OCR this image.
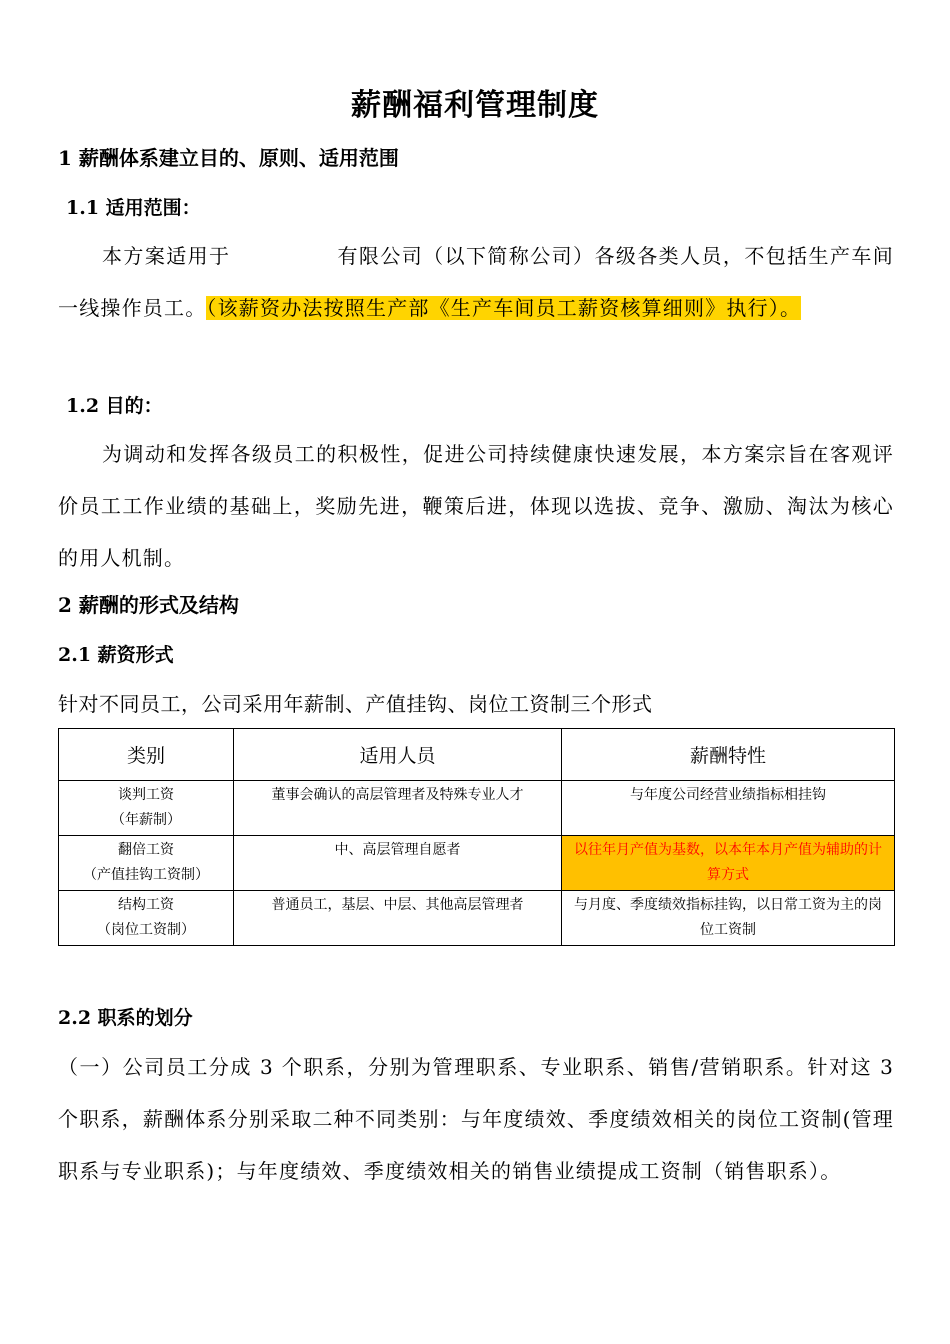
薪酬福利管理制度
1 薪酬体系建立目的、原则、适用范围
1.1 适用范围：
本方案适用于　　　　　有限公司（以下简称公司）各级各类人员，不包括生产车间一线操作员工。（该薪资办法按照生产部《生产车间员工薪资核算细则》执行）。
1.2 目的：
为调动和发挥各级员工的积极性，促进公司持续健康快速发展，本方案宗旨在客观评价员工工作业绩的基础上，奖励先进，鞭策后进，体现以选拔、竞争、激励、淘汰为核心的用人机制。
2 薪酬的形式及结构
2.1 薪资形式
针对不同员工，公司采用年薪制、产值挂钩、岗位工资制三个形式
类别	适用人员	薪酬特性

谈判工资
（年薪制）	董事会确认的高层管理者及特殊专业人才	与年度公司经营业绩指标相挂钩

翻倍工资
（产值挂钩工资制）	中、高层管理自愿者	以往年月产值为基数，以本年本月产值为辅助的计算方式

结构工资
（岗位工资制）	普通员工，基层、中层、其他高层管理者	与月度、季度绩效指标挂钩，以日常工资为主的岗位工资制
2.2 职系的划分
（一）公司员工分成 3 个职系，分别为管理职系、专业职系、销售/营销职系。针对这 3 个职系，薪酬体系分别采取二种不同类别：与年度绩效、季度绩效相关的岗位工资制(管理职系与专业职系)；与年度绩效、季度绩效相关的销售业绩提成工资制（销售职系）。
